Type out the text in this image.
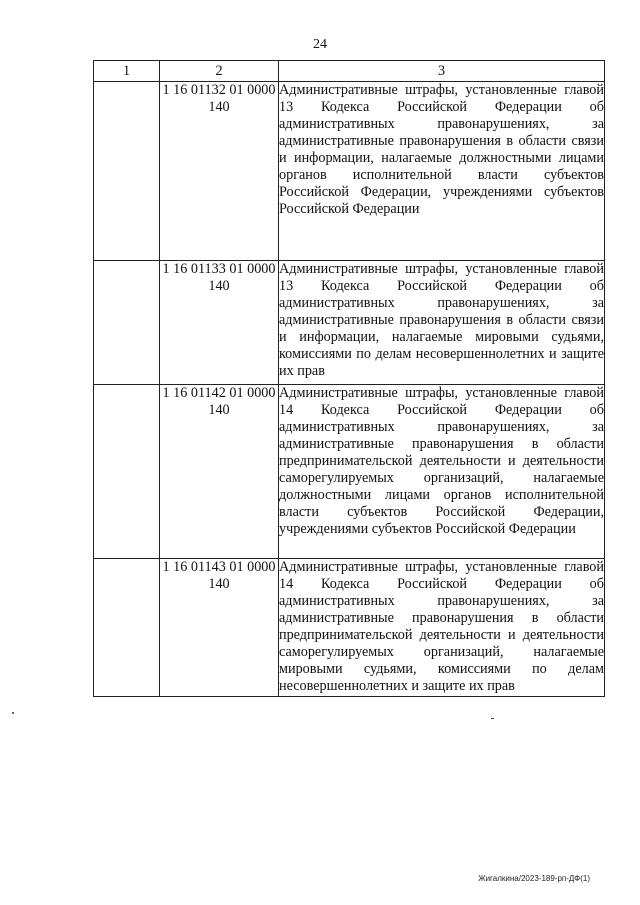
24
1	2	3
	1 16 01132 01 0000 140	Административные штрафы, установленные главой 13 Кодекса Российской Федерации об административных правонарушениях, за административные правонарушения в области связи и информации, налагаемые должностными лицами органов исполнительной власти субъектов Российской Федерации, учреждениями субъектов Российской Федерации
	1 16 01133 01 0000 140	Административные штрафы, установленные главой 13 Кодекса Российской Федерации об административных правонарушениях, за административные правонарушения в области связи и информации, налагаемые мировыми судьями, комиссиями по делам несовершеннолетних и защите их прав
	1 16 01142 01 0000 140	Административные штрафы, установленные главой 14 Кодекса Российской Федерации об административных правонарушениях, за административные правонарушения в области предпринимательской деятельности и деятельности саморегулируемых организаций, налагаемые должностными лицами органов исполнительной власти субъектов Российской Федерации, учреждениями субъектов Российской Федерации
	1 16 01143 01 0000 140	Административные штрафы, установленные главой 14 Кодекса Российской Федерации об административных правонарушениях, за административные правонарушения в области предпринимательской деятельности и деятельности саморегулируемых организаций, налагаемые мировыми судьями, комиссиями по делам несовершеннолетних и защите их прав
Жигалкина/2023-189-рп-ДФ(1)
